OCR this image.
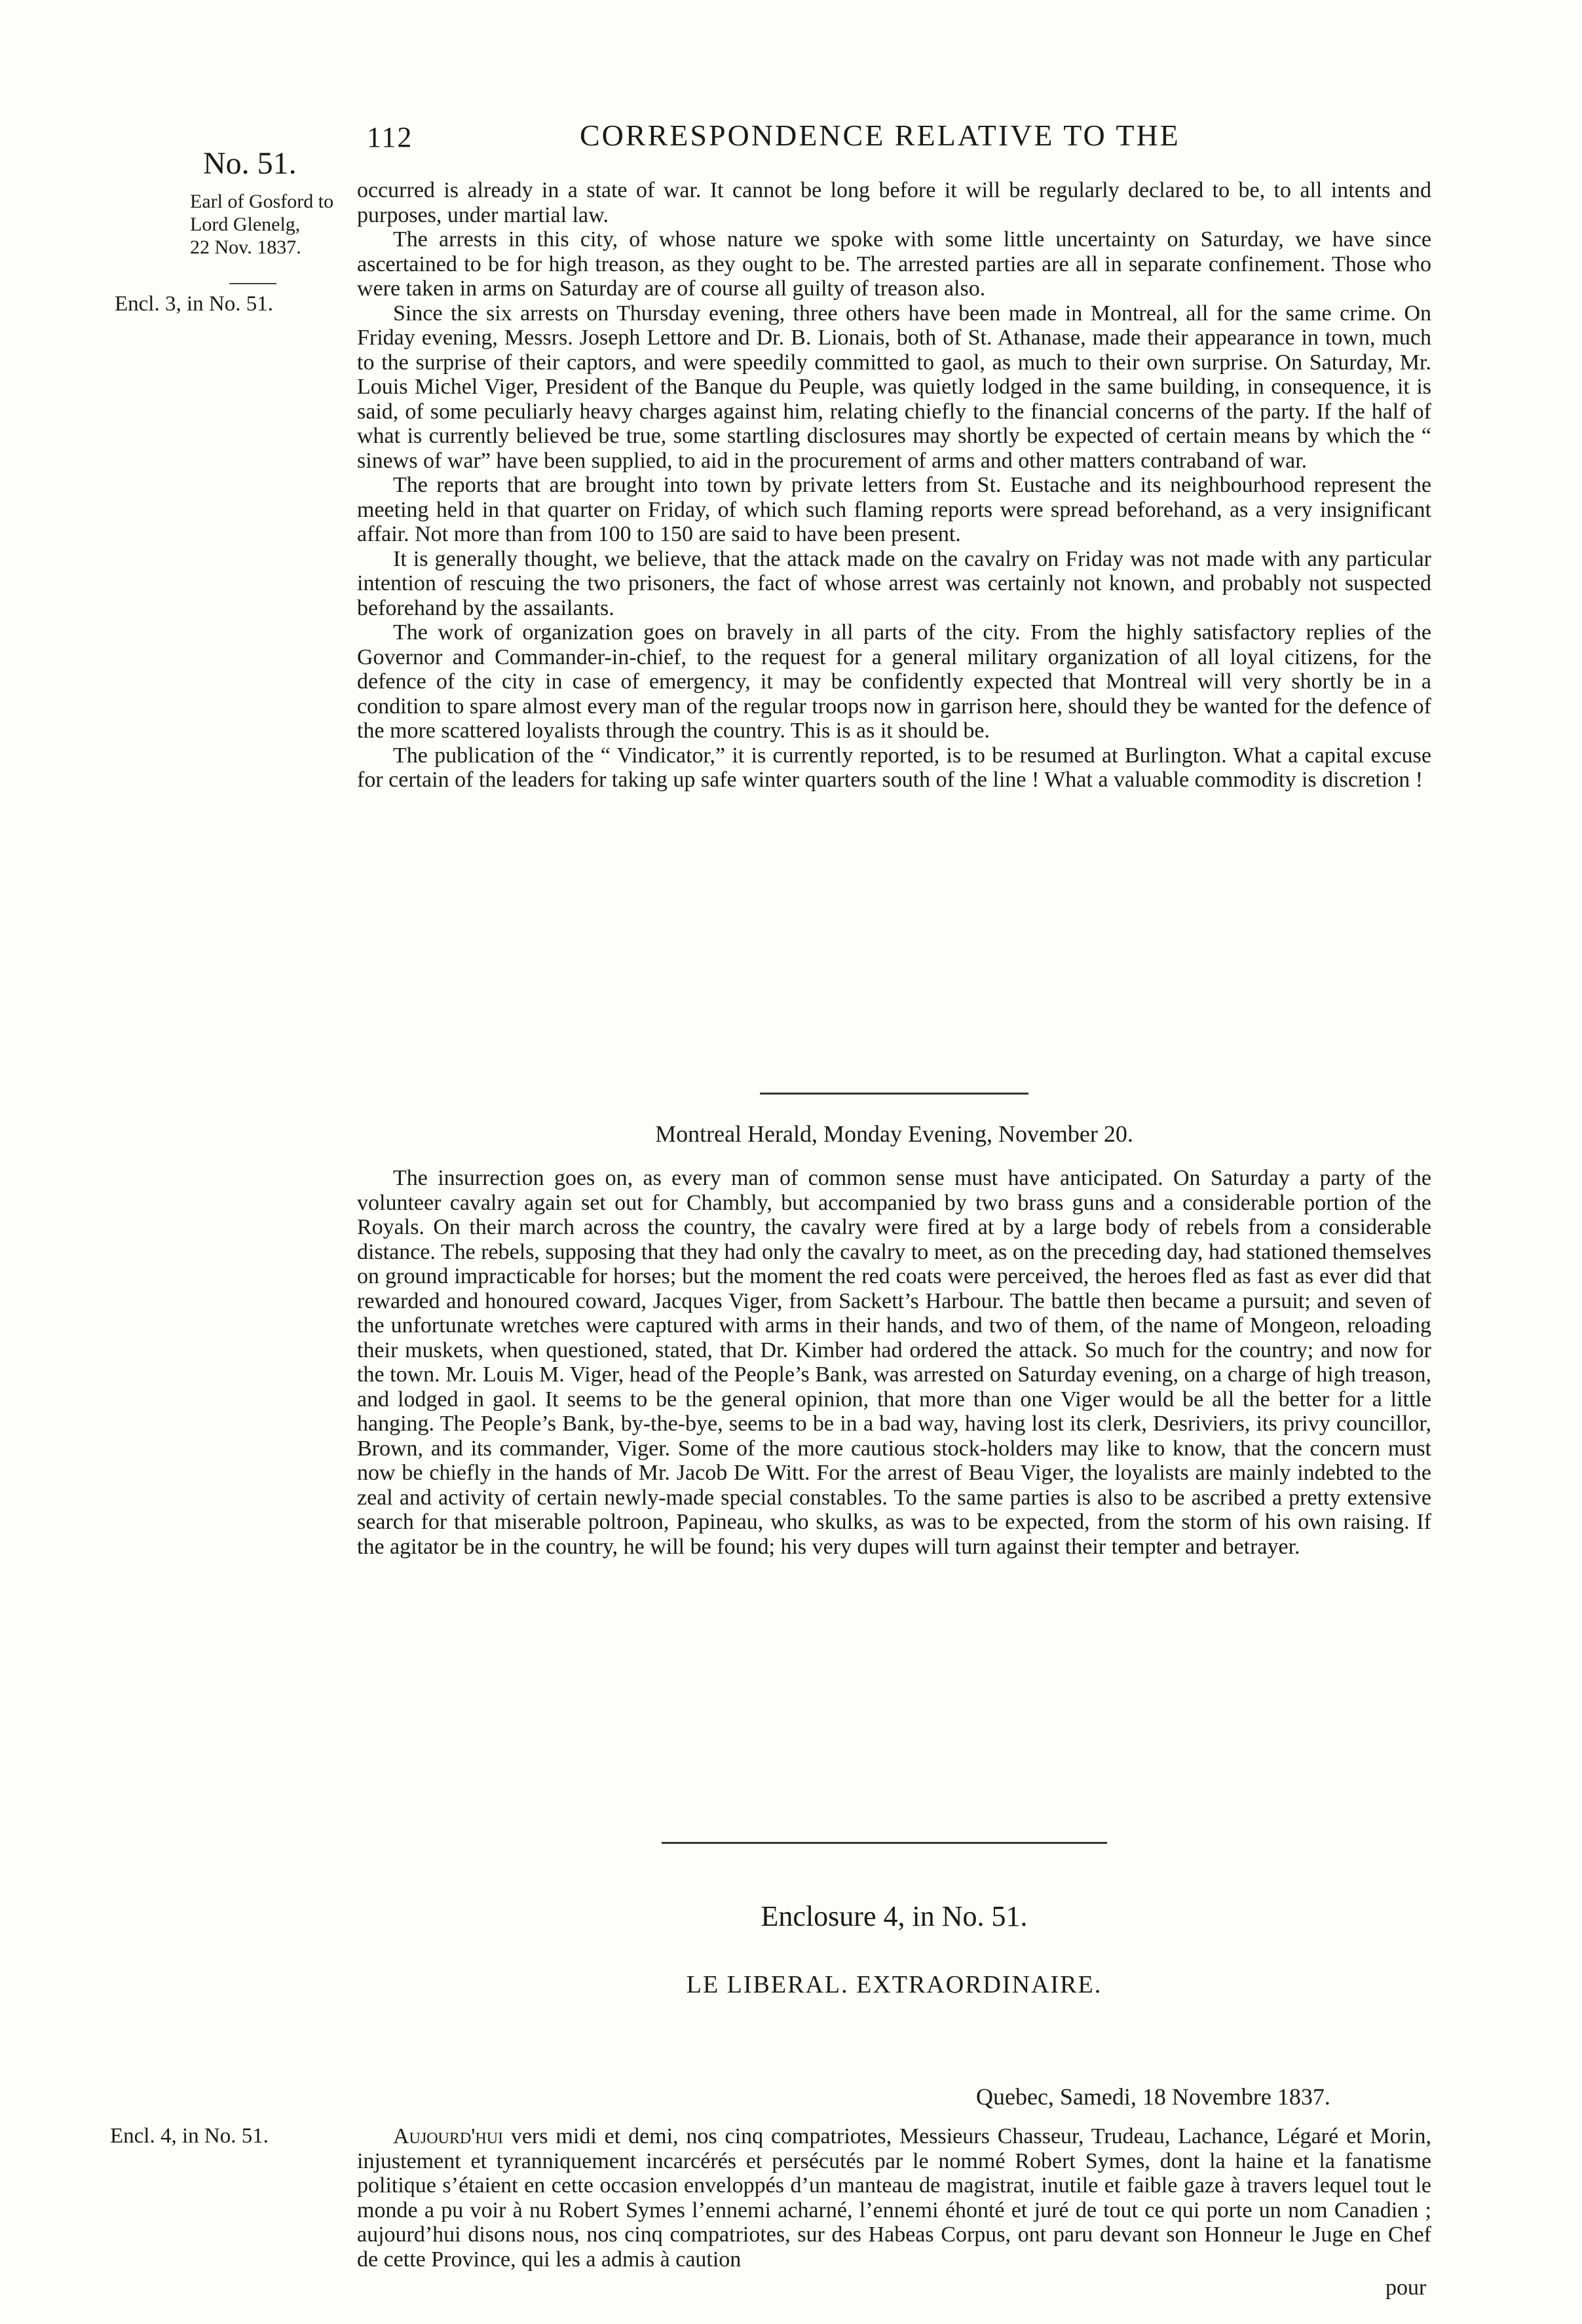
112	CORRESPONDENCE RELATIVE TO THE
No. 51.
Earl of Gosford to
Lord Glenelg,
22 Nov. 1837.
Encl. 3, in No. 51.
Encl. 4, in No. 51.

occurred is already in a state of war. It cannot be long before it will be regularly declared to be, to all intents and purposes, under martial law.

The arrests in this city, of whose nature we spoke with some little uncertainty on Saturday, we have since ascertained to be for high treason, as they ought to be. The arrested parties are all in separate confinement. Those who were taken in arms on Saturday are of course all guilty of treason also.

Since the six arrests on Thursday evening, three others have been made in Montreal, all for the same crime. On Friday evening, Messrs. Joseph Lettore and Dr. B. Lionais, both of St. Athanase, made their appearance in town, much to the surprise of their captors, and were speedily committed to gaol, as much to their own surprise. On Saturday, Mr. Louis Michel Viger, President of the Banque du Peuple, was quietly lodged in the same building, in consequence, it is said, of some peculiarly heavy charges against him, relating chiefly to the financial concerns of the party. If the half of what is currently believed be true, some startling disclosures may shortly be expected of certain means by which the “ sinews of war” have been supplied, to aid in the procurement of arms and other matters contraband of war.

The reports that are brought into town by private letters from St. Eustache and its neighbourhood represent the meeting held in that quarter on Friday, of which such flaming reports were spread beforehand, as a very insignificant affair. Not more than from 100 to 150 are said to have been present.

It is generally thought, we believe, that the attack made on the cavalry on Friday was not made with any particular intention of rescuing the two prisoners, the fact of whose arrest was certainly not known, and probably not suspected beforehand by the assailants.

The work of organization goes on bravely in all parts of the city. From the highly satisfactory replies of the Governor and Commander-in-chief, to the request for a general military organization of all loyal citizens, for the defence of the city in case of emergency, it may be confidently expected that Montreal will very shortly be in a condition to spare almost every man of the regular troops now in garrison here, should they be wanted for the defence of the more scattered loyalists through the country. This is as it should be.

The publication of the “ Vindicator,” it is currently reported, is to be resumed at Burlington. What a capital excuse for certain of the leaders for taking up safe winter quarters south of the line ! What a valuable commodity is discretion !

Montreal Herald, Monday Evening, November 20.

The insurrection goes on, as every man of common sense must have anticipated. On Saturday a party of the volunteer cavalry again set out for Chambly, but accompanied by two brass guns and a considerable portion of the Royals. On their march across the country, the cavalry were fired at by a large body of rebels from a considerable distance. The rebels, supposing that they had only the cavalry to meet, as on the preceding day, had stationed themselves on ground impracticable for horses; but the moment the red coats were perceived, the heroes fled as fast as ever did that rewarded and honoured coward, Jacques Viger, from Sackett’s Harbour. The battle then became a pursuit; and seven of the unfortunate wretches were captured with arms in their hands, and two of them, of the name of Mongeon, reloading their muskets, when questioned, stated, that Dr. Kimber had ordered the attack. So much for the country; and now for the town. Mr. Louis M. Viger, head of the People’s Bank, was arrested on Saturday evening, on a charge of high treason, and lodged in gaol. It seems to be the general opinion, that more than one Viger would be all the better for a little hanging. The People’s Bank, by-the-bye, seems to be in a bad way, having lost its clerk, Desriviers, its privy councillor, Brown, and its commander, Viger. Some of the more cautious stock-holders may like to know, that the concern must now be chiefly in the hands of Mr. Jacob De Witt. For the arrest of Beau Viger, the loyalists are mainly indebted to the zeal and activity of certain newly-made special constables. To the same parties is also to be ascribed a pretty extensive search for that miserable poltroon, Papineau, who skulks, as was to be expected, from the storm of his own raising. If the agitator be in the country, he will be found; his very dupes will turn against their tempter and betrayer.

Enclosure 4, in No. 51.
LE LIBERAL. EXTRAORDINAIRE.
Quebec, Samedi, 18 Novembre 1837.

Aujourd'hui vers midi et demi, nos cinq compatriotes, Messieurs Chasseur, Trudeau, Lachance, Légaré et Morin, injustement et tyranniquement incarcérés et persécutés par le nommé Robert Symes, dont la haine et la fanatisme politique s’étaient en cette occasion enveloppés d’un manteau de magistrat, inutile et faible gaze à travers lequel tout le monde a pu voir à nu Robert Symes l’ennemi acharné, l’ennemi éhonté et juré de tout ce qui porte un nom Canadien ; aujourd’hui disons nous, nos cinq compatriotes, sur des Habeas Corpus, ont paru devant son Honneur le Juge en Chef de cette Province, qui les a admis à caution

pour
